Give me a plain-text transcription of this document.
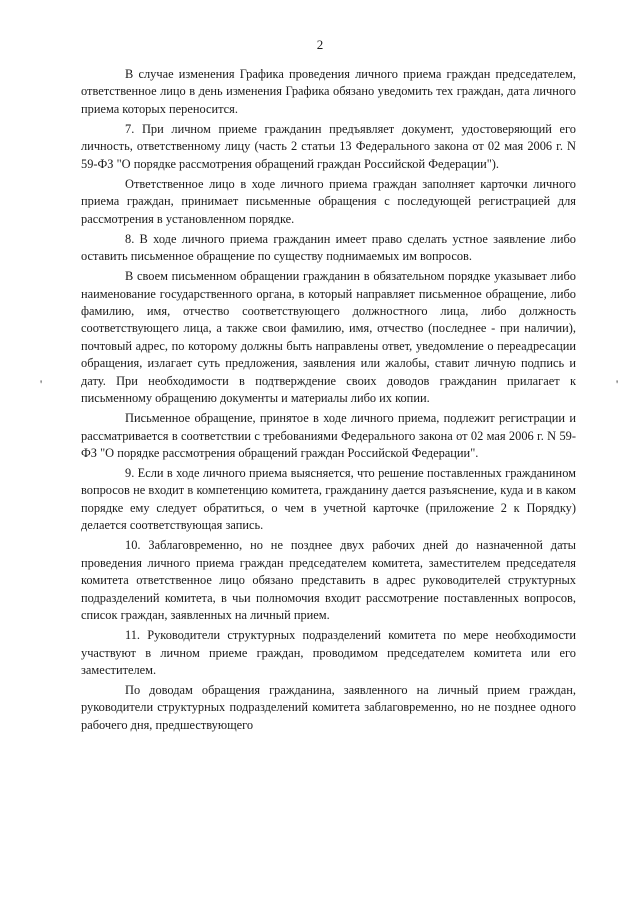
2
'	'

В случае изменения Графика проведения личного приема граждан председателем, ответственное лицо в день изменения Графика обязано уведомить тех граждан, дата личного приема которых переносится.

7. При личном приеме гражданин предъявляет документ, удостоверяющий его личность, ответственному лицу (часть 2 статьи 13 Федерального закона от 02 мая 2006 г. N 59-ФЗ "О порядке рассмотрения обращений граждан Российской Федерации").

Ответственное лицо в ходе личного приема граждан заполняет карточки личного приема граждан, принимает письменные обращения с последующей регистрацией для рассмотрения в установленном порядке.

8. В ходе личного приема гражданин имеет право сделать устное заявление либо оставить письменное обращение по существу поднимаемых им вопросов.

В своем письменном обращении гражданин в обязательном порядке указывает либо наименование государственного органа, в который направляет письменное обращение, либо фамилию, имя, отчество соответствующего должностного лица, либо должность соответствующего лица, а также свои фамилию, имя, отчество (последнее - при наличии), почтовый адрес, по которому должны быть направлены ответ, уведомление о переадресации обращения, излагает суть предложения, заявления или жалобы, ставит личную подпись и дату. При необходимости в подтверждение своих доводов гражданин прилагает к письменному обращению документы и материалы либо их копии.

Письменное обращение, принятое в ходе личного приема, подлежит регистрации и рассматривается в соответствии с требованиями Федерального закона от 02 мая 2006 г. N 59-ФЗ "О порядке рассмотрения обращений граждан Российской Федерации".

9. Если в ходе личного приема выясняется, что решение поставленных гражданином вопросов не входит в компетенцию комитета, гражданину дается разъяснение, куда и в каком порядке ему следует обратиться, о чем в учетной карточке (приложение 2 к Порядку) делается соответствующая запись.

10. Заблаговременно, но не позднее двух рабочих дней до назначенной даты проведения личного приема граждан председателем комитета, заместителем председателя комитета ответственное лицо обязано представить в адрес руководителей структурных подразделений комитета, в чьи полномочия входит рассмотрение поставленных вопросов, список граждан, заявленных на личный прием.

11. Руководители структурных подразделений комитета по мере необходимости участвуют в личном приеме граждан, проводимом председателем комитета или его заместителем.

По доводам обращения гражданина, заявленного на личный прием граждан, руководители структурных подразделений комитета заблаговременно, но не позднее одного рабочего дня, предшествующего
